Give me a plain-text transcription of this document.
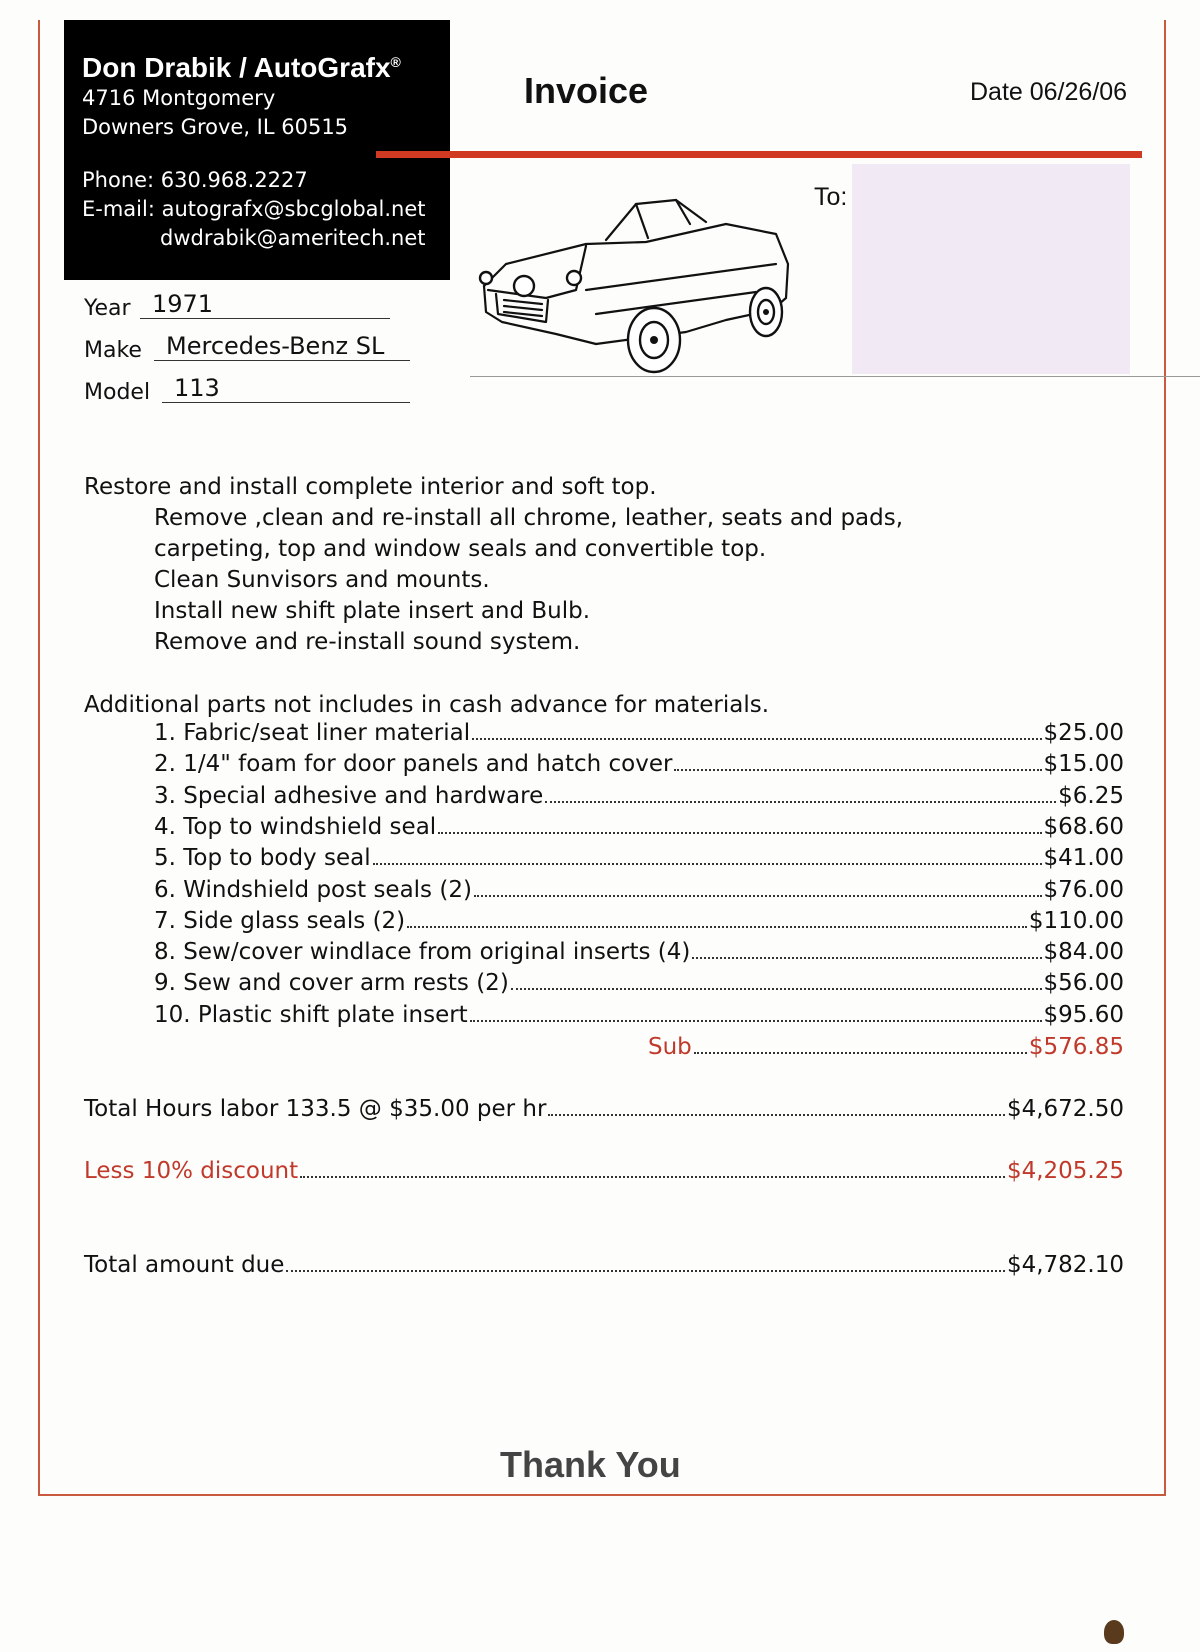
Don Drabik / AutoGrafx®
4716 Montgomery
Downers Grove, IL 60515
Phone: 630.968.2227
E-mail: autografx@sbcglobal.net
dwdrabik@ameritech.net
Invoice	Date 06/26/06
To:
Year 1971
Make	Mercedes-Benz SL
Model 113
Restore and install complete interior and soft top.
Remove ,clean and re-install all chrome, leather, seats and pads,
carpeting, top and window seals and convertible top.
Clean Sunvisors and mounts.
Install new shift plate insert and Bulb.
Remove and re-install sound system.
Additional parts not includes in cash advance for materials.
1. Fabric/seat liner material	$25.00
2. 1/4" foam for door panels and hatch cover	$15.00
3. Special adhesive and hardware	$6.25
4. Top to windshield seal	$68.60
5. Top to body seal	$41.00
6. Windshield post seals (2)	$76.00
7. Side glass seals (2)	$110.00
8. Sew/cover windlace from original inserts (4)	$84.00
9. Sew and cover arm rests (2)	$56.00
10. Plastic shift plate insert	$95.60
Sub	$576.85
Total Hours labor 133.5 @ $35.00 per hr	$4,672.50
Less 10% discount	$4,205.25
Total amount due	$4,782.10
Thank You
